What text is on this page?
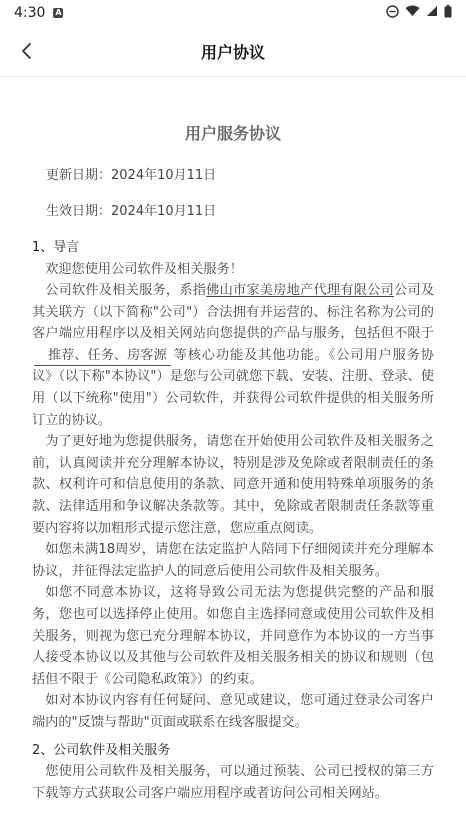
4:30 A
用户协议
用户服务协议
更新日期：2024年10月11日
生效日期：2024年10月11日
1、导言

欢迎您使用公司软件及相关服务！

公司软件及相关服务，系指佛山市家美房地产代理有限公司公司及其关联方（以下简称"公司"）合法拥有并运营的、标注名称为公司的客户端应用程序以及相关网站向您提供的产品与服务，包括但不限于推荐、任务、房客源 等核心功能及其他功能。《公司用户服务协议》（以下称"本协议"）是您与公司就您下载、安装、注册、登录、使用（以下统称"使用"）公司软件，并获得公司软件提供的相关服务所订立的协议。

为了更好地为您提供服务，请您在开始使用公司软件及相关服务之前，认真阅读并充分理解本协议，特别是涉及免除或者限制责任的条款、权利许可和信息使用的条款、同意开通和使用特殊单项服务的条款、法律适用和争议解决条款等。其中，免除或者限制责任条款等重要内容将以加粗形式提示您注意，您应重点阅读。

如您未满18周岁，请您在法定监护人陪同下仔细阅读并充分理解本协议，并征得法定监护人的同意后使用公司软件及相关服务。

如您不同意本协议，这将导致公司无法为您提供完整的产品和服务，您也可以选择停止使用。如您自主选择同意或使用公司软件及相关服务，则视为您已充分理解本协议，并同意作为本协议的一方当事人接受本协议以及其他与公司软件及相关服务相关的协议和规则（包括但不限于《公司隐私政策》）的约束。

如对本协议内容有任何疑问、意见或建议，您可通过登录公司客户端内的"反馈与帮助"页面或联系在线客服提交。

2、公司软件及相关服务

您使用公司软件及相关服务，可以通过预装、公司已授权的第三方下载等方式获取公司客户端应用程序或者访问公司相关网站。
